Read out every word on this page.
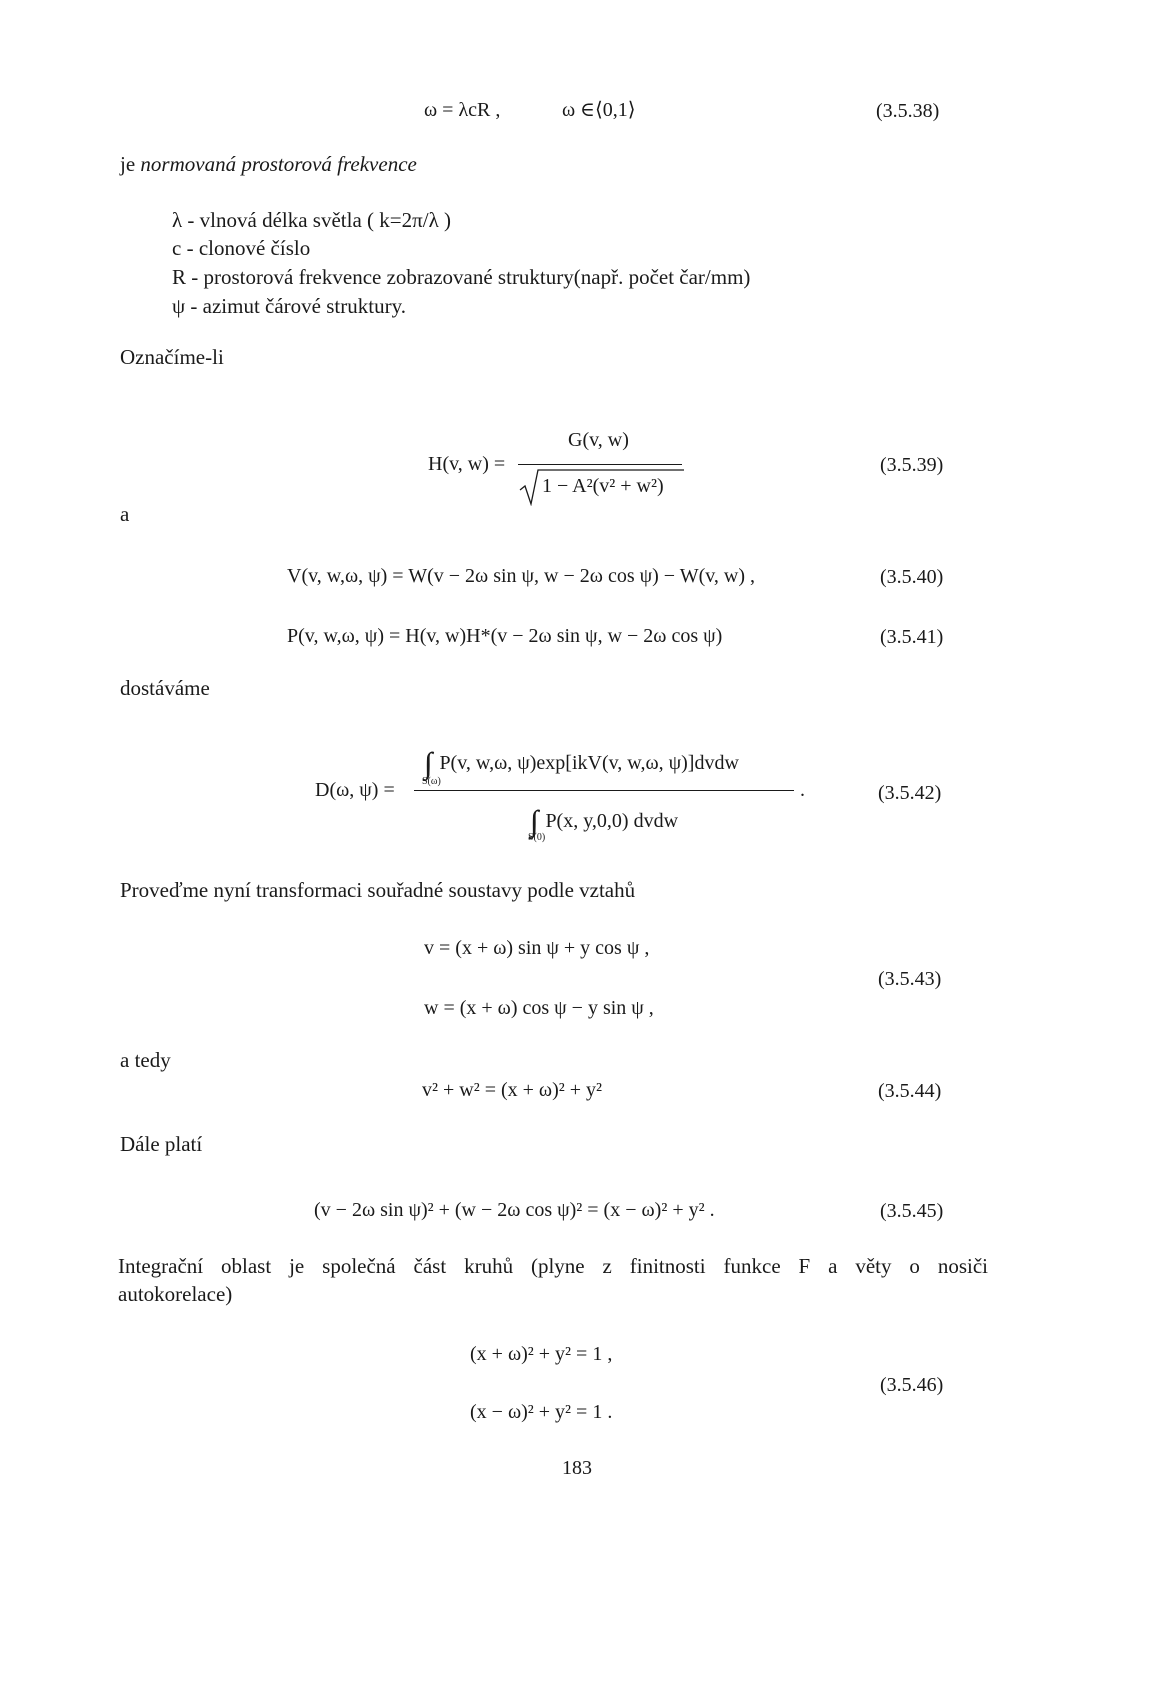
ω = λcR ,	ω ∈⟨0,1⟩	(3.5.38)
je normovaná prostorová frekvence
λ - vlnová délka světla ( k=2π/λ )
c - clonové číslo
R - prostorová frekvence zobrazované struktury(např. počet čar/mm)
ψ - azimut čárové struktury.
Označíme-li
H(v, w) =
G(v, w)
1 − A²(v² + w²)
(3.5.39)
a
V(v, w,ω, ψ) = W(v − 2ω sin ψ, w − 2ω cos ψ) − W(v, w) ,	(3.5.40)
P(v, w,ω, ψ) = H(v, w)H*(v − 2ω sin ψ, w − 2ω cos ψ)	(3.5.41)
dostáváme
D(ω, ψ) =
∫∫ P(v, w,ω, ψ)exp[ikV(v, w,ω, ψ)]dvdw
S(ω)	.
∫∫ P(x, y,0,0) dvdw
S(0)
(3.5.42)
Proveďme nyní transformaci souřadné soustavy podle vztahů
v = (x + ω) sin ψ + y cos ψ ,
w = (x + ω) cos ψ − y sin ψ ,
(3.5.43)
a tedy
v² + w² = (x + ω)² + y²	(3.5.44)
Dále platí
(v − 2ω sin ψ)² + (w − 2ω cos ψ)² = (x − ω)² + y² .	(3.5.45)
Integrační oblast je společná část kruhů (plyne z finitnosti funkce F a věty o nosiči
autokorelace)
(x + ω)² + y² = 1 ,
(x − ω)² + y² = 1 .
(3.5.46)
183
